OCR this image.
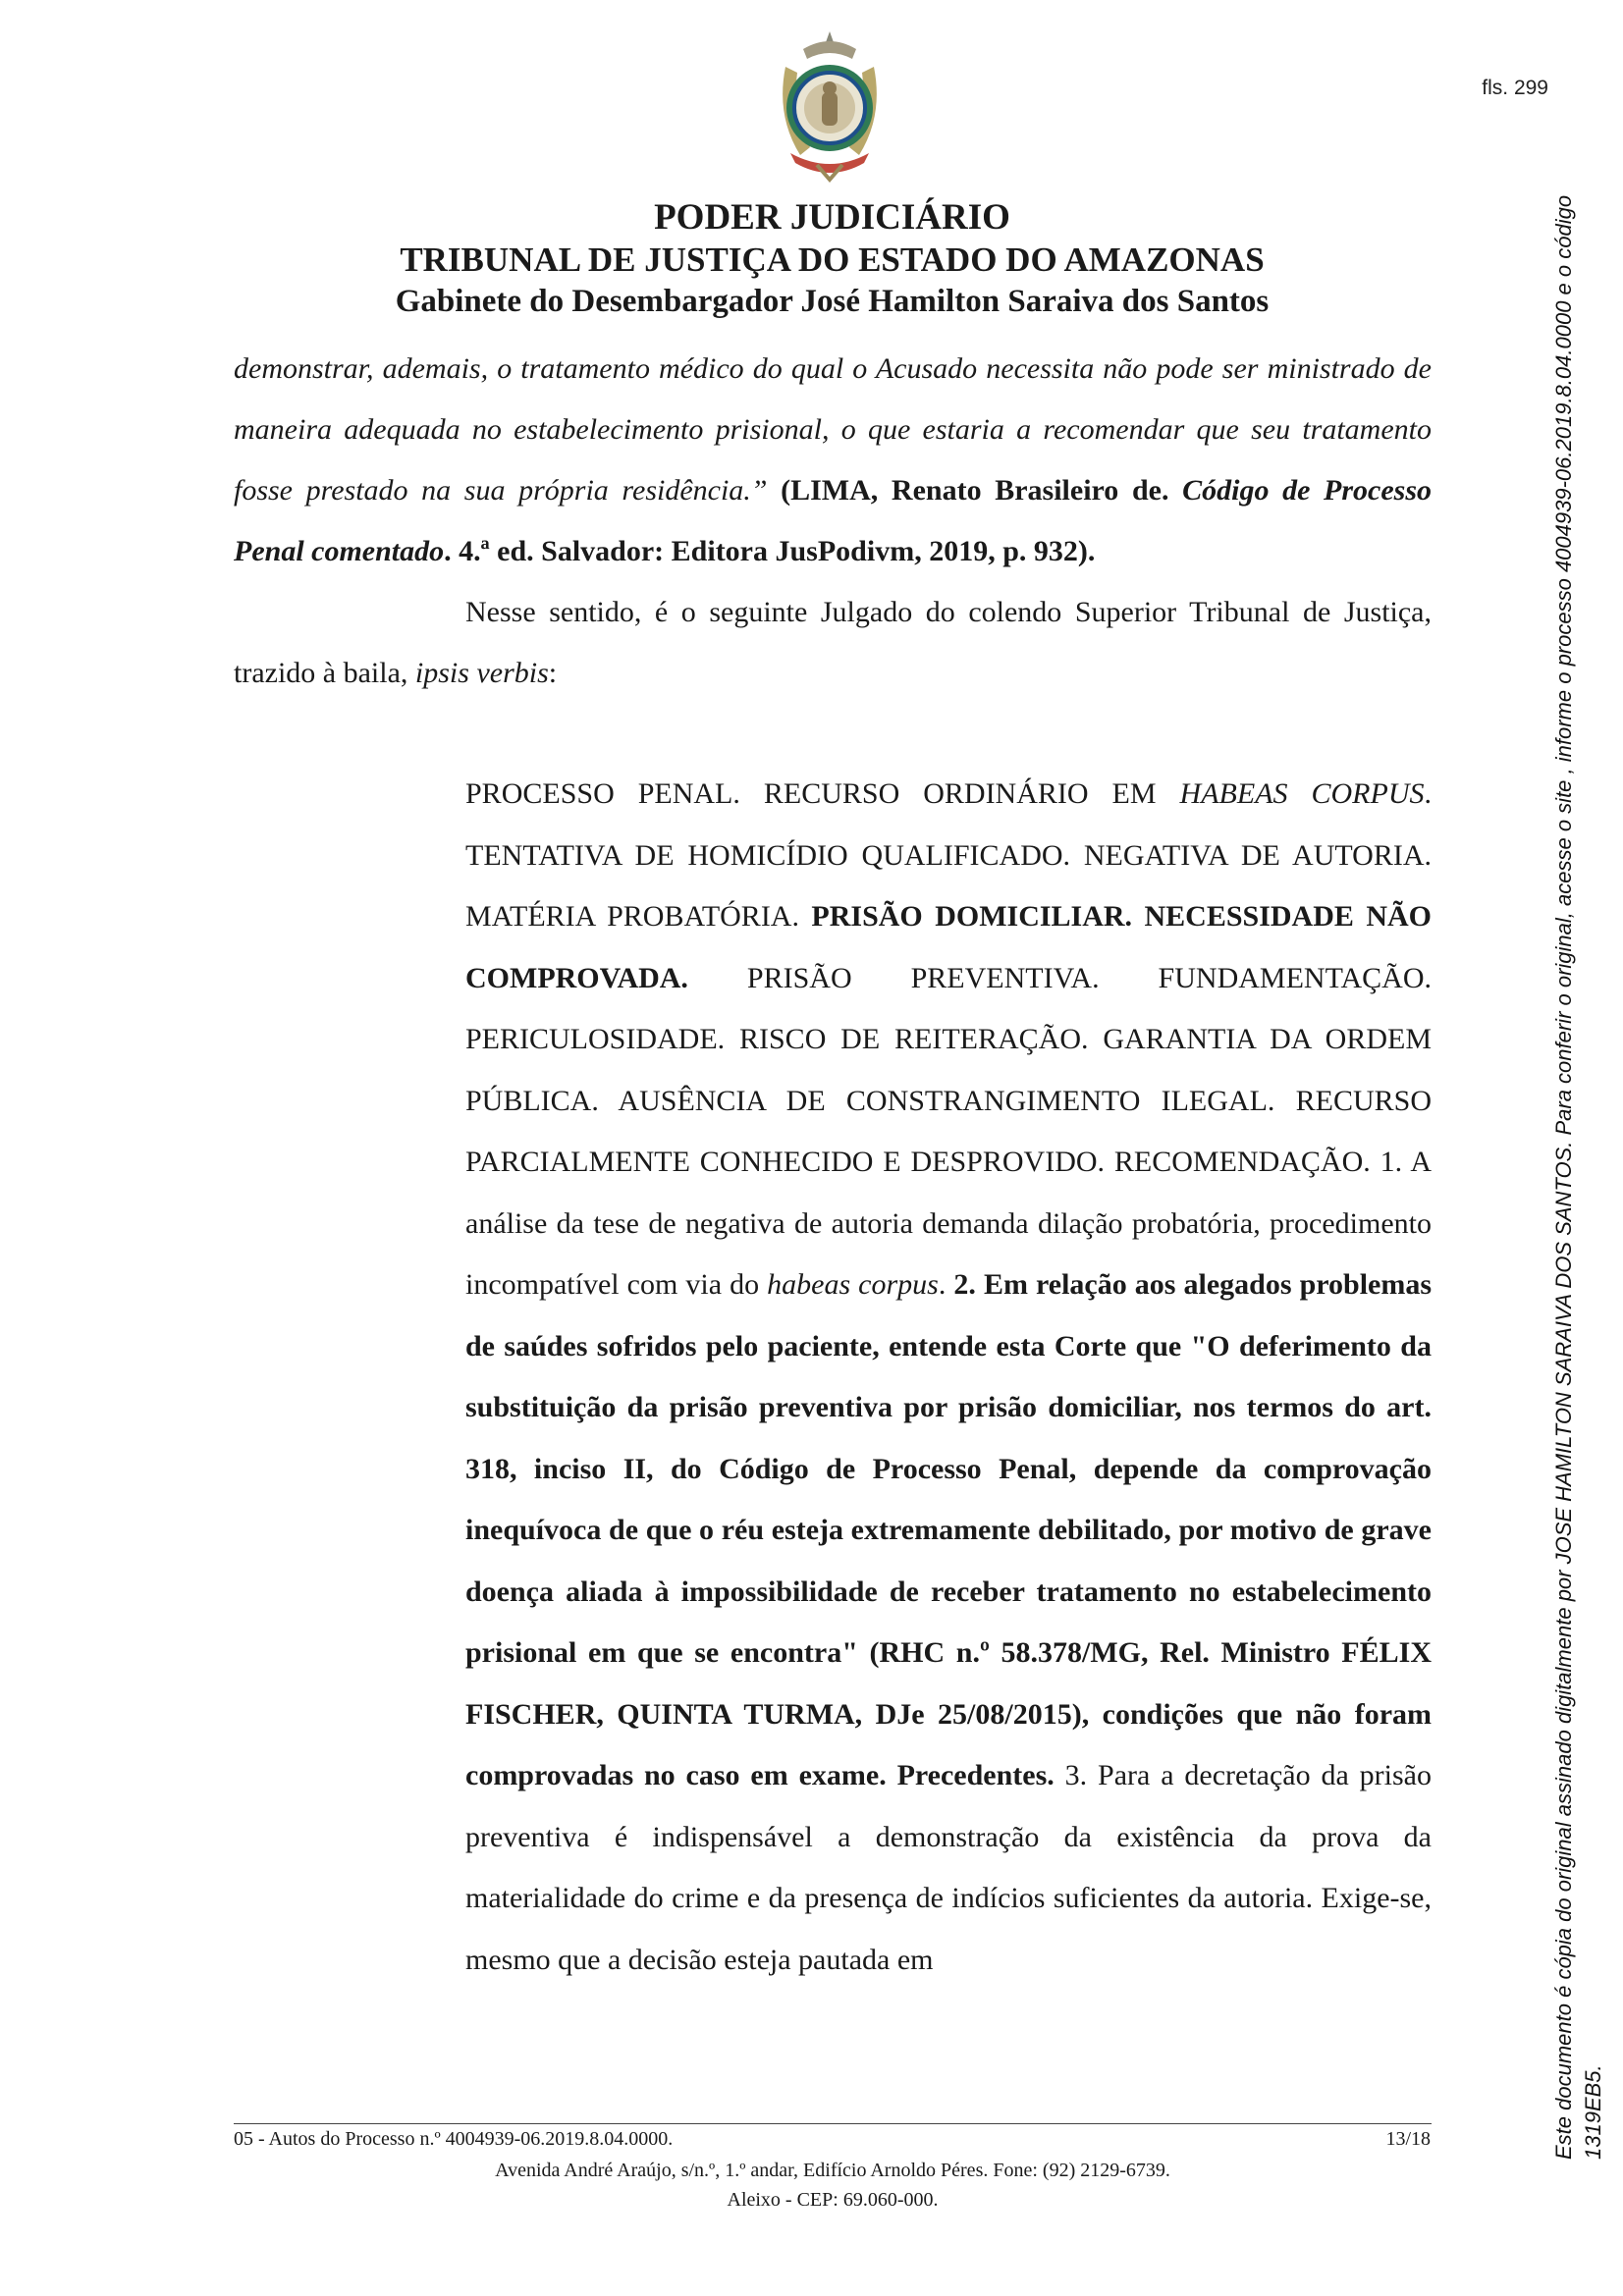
fls. 299
PODER JUDICIÁRIO
TRIBUNAL DE JUSTIÇA DO ESTADO DO AMAZONAS
Gabinete do Desembargador José Hamilton Saraiva dos Santos

demonstrar, ademais, o tratamento médico do qual o Acusado necessita não pode ser ministrado de maneira adequada no estabelecimento prisional, o que estaria a recomendar que seu tratamento fosse prestado na sua própria residência.” (LIMA, Renato Brasileiro de. Código de Processo Penal comentado. 4.ª ed. Salvador: Editora JusPodivm, 2019, p. 932).

Nesse sentido, é o seguinte Julgado do colendo Superior Tribunal de Justiça, trazido à baila, ipsis verbis:

PROCESSO PENAL. RECURSO ORDINÁRIO EM HABEAS CORPUS. TENTATIVA DE HOMICÍDIO QUALIFICADO. NEGATIVA DE AUTORIA. MATÉRIA PROBATÓRIA. PRISÃO DOMICILIAR. NECESSIDADE NÃO COMPROVADA. PRISÃO PREVENTIVA. FUNDAMENTAÇÃO. PERICULOSIDADE. RISCO DE REITERAÇÃO. GARANTIA DA ORDEM PÚBLICA. AUSÊNCIA DE CONSTRANGIMENTO ILEGAL. RECURSO PARCIALMENTE CONHECIDO E DESPROVIDO. RECOMENDAÇÃO. 1. A análise da tese de negativa de autoria demanda dilação probatória, procedimento incompatível com via do habeas corpus. 2. Em relação aos alegados problemas de saúdes sofridos pelo paciente, entende esta Corte que "O deferimento da substituição da prisão preventiva por prisão domiciliar, nos termos do art. 318, inciso II, do Código de Processo Penal, depende da comprovação inequívoca de que o réu esteja extremamente debilitado, por motivo de grave doença aliada à impossibilidade de receber tratamento no estabelecimento prisional em que se encontra" (RHC n.º 58.378/MG, Rel. Ministro FÉLIX FISCHER, QUINTA TURMA, DJe 25/08/2015), condições que não foram comprovadas no caso em exame. Precedentes. 3. Para a decretação da prisão preventiva é indispensável a demonstração da existência da prova da materialidade do crime e da presença de indícios suficientes da autoria. Exige-se, mesmo que a decisão esteja pautada em

05 - Autos do Processo n.º 4004939-06.2019.8.04.0000.	13/18
Avenida André Araújo, s/n.º, 1.º andar, Edifício Arnoldo Péres. Fone: (92) 2129-6739.
Aleixo - CEP: 69.060-000.
Este documento é cópia do original assinado digitalmente por JOSE HAMILTON SARAIVA DOS SANTOS. Para conferir o original, acesse o site , informe o processo 4004939-06.2019.8.04.0000 e o código 1319EB5.
